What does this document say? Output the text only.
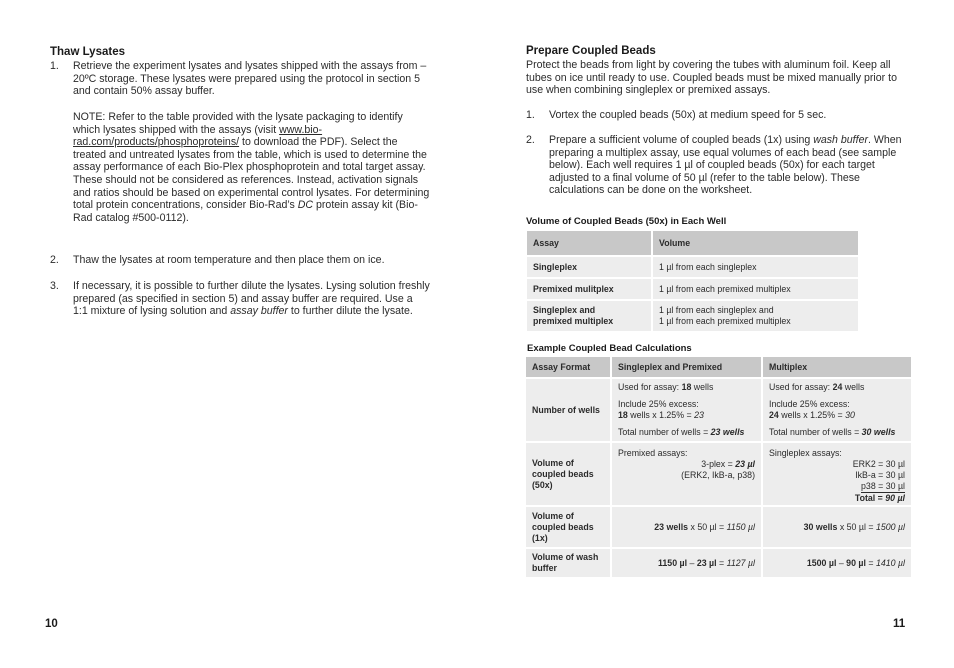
Thaw Lysates
1. Retrieve the experiment lysates and lysates shipped with the assays from –20ºC storage. These lysates were prepared using the protocol in section 5 and contain 50% assay buffer.
NOTE: Refer to the table provided with the lysate packaging to identify which lysates shipped with the assays (visit www.bio-rad.com/products/phosphoproteins/ to download the PDF). Select the treated and untreated lysates from the table, which is used to determine the assay performance of each Bio-Plex phosphoprotein and total target assay. These should not be considered as references. Instead, activation signals and ratios should be based on experimental control lysates. For determining total protein concentrations, consider Bio-Rad’s DC protein assay kit (Bio-Rad catalog #500-0112).
2. Thaw the lysates at room temperature and then place them on ice.
3. If necessary, it is possible to further dilute the lysates. Lysing solution freshly prepared (as specified in section 5) and assay buffer are required. Use a 1:1 mixture of lysing solution and assay buffer to further dilute the lysate.
10
Prepare Coupled Beads
Protect the beads from light by covering the tubes with aluminum foil. Keep all tubes on ice until ready to use. Coupled beads must be mixed manually prior to use when combining singleplex or premixed assays.
1. Vortex the coupled beads (50x) at medium speed for 5 sec.
2. Prepare a sufficient volume of coupled beads (1x) using wash buffer. When preparing a multiplex assay, use equal volumes of each bead (see sample below). Each well requires 1 µl of coupled beads (50x) for each target adjusted to a final volume of 50 µl (refer to the table below). These calculations can be done on the worksheet.
Volume of Coupled Beads (50x) in Each Well
Assay	Volume
Singleplex	1 µl from each singleplex
Premixed mulitplex	1 µl from each premixed multiplex

Singleplex and
premixed multiplex	1 µl from each singleplex and
1 µl from each premixed multiplex
Example Coupled Bead Calculations
Assay Format	Singleplex and Premixed	Multiplex
Number of wells	Used for assay: 18 wells
Include 25% excess:
18 wells x 1.25% = 23
Total number of wells = 23 wells	Used for assay: 24 wells
Include 25% excess:
24 wells x 1.25% = 30
Total number of wells = 30 wells

Volume of coupled beads (50x)	Premixed assays:
3-plex = 23 µl
(ERK2, IkB-a, p38)	Singleplex assays:
ERK2 = 30 µl
IkB-a = 30 µl
p38 = 30 µl
Total = 90 µl

Volume of coupled beads (1x)	23 wells x 50 µl = 1150 µl	30 wells x 50 µl = 1500 µl
Volume of wash buffer	1150 µl – 23 µl = 1127 µl	1500 µl – 90 µl = 1410 µl
11
